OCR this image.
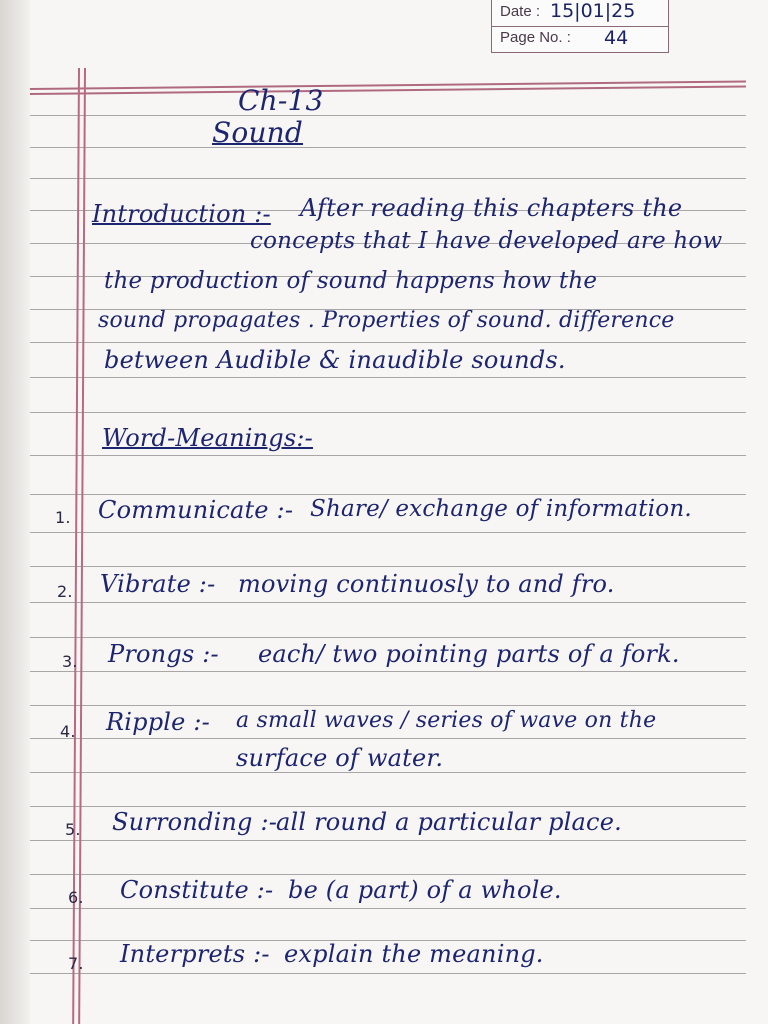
Date : 15|01|25
Page No. : 44
Ch-13
Sound
Introduction :- After reading this chapters the
concepts that I have developed are how
the production of sound happens how the
sound propagates . Properties of sound. difference
between Audible & inaudible sounds.
Word-Meanings:-
1. Communicate :- Share/ exchange of information.
2. Vibrate :- moving continuosly to and fro.
3. Prongs :- each/ two pointing parts of a fork.
4. Ripple :- a small waves / series of wave on the
surface of water.
5. Surronding :-
all round a particular place.
6. Constitute :- be (a part) of a whole.
7. Interprets :- explain the meaning.
